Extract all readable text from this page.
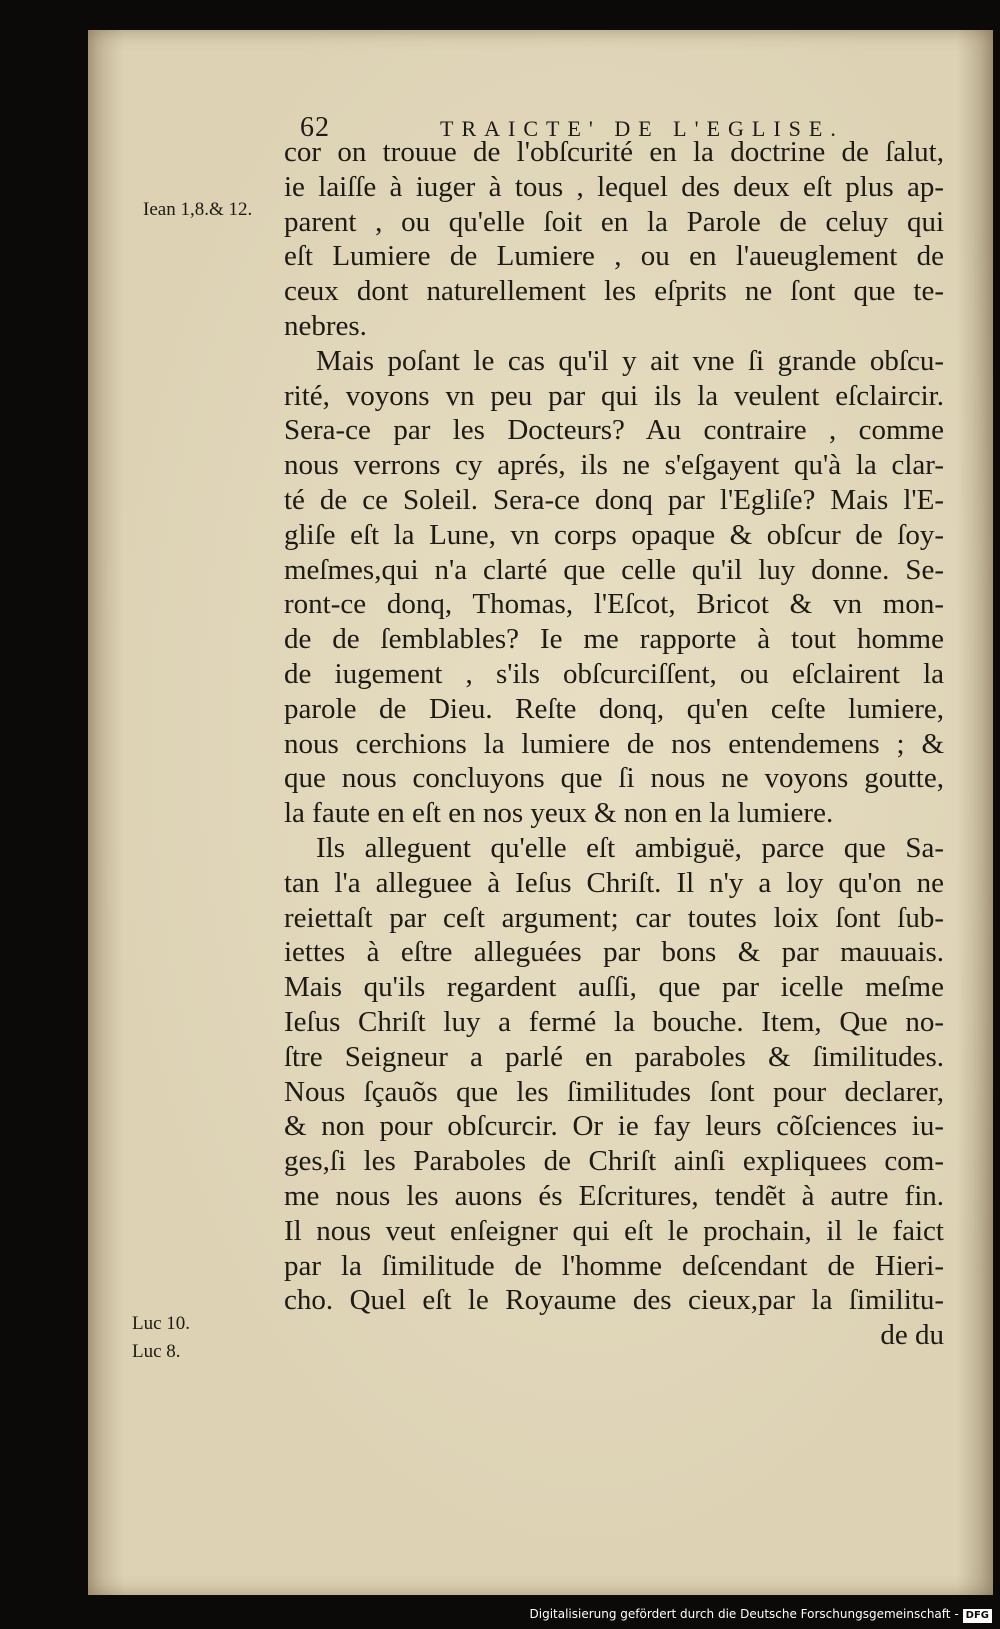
62	TRAICTE' DE L'EGLISE.
Iean 1,8.& 12.
Luc 10.
Luc 8.
cor on trouue de l'obſcurité en la doctrine de ſalut,
ie laiſſe à iuger à tous , lequel des deux eſt plus ap-
parent , ou qu'elle ſoit en la Parole de celuy qui
eſt Lumiere de Lumiere , ou en l'aueuglement de
ceux dont naturellement les eſprits ne ſont que te-
nebres.
Mais poſant le cas qu'il y ait vne ſi grande obſcu-
rité, voyons vn peu par qui ils la veulent eſclaircir.
Sera-ce par les Docteurs? Au contraire , comme
nous verrons cy aprés, ils ne s'eſgayent qu'à la clar-
té de ce Soleil. Sera-ce donq par l'Egliſe? Mais l'E-
gliſe eſt la Lune, vn corps opaque & obſcur de ſoy-
meſmes,qui n'a clarté que celle qu'il luy donne. Se-
ront-ce donq, Thomas, l'Eſcot, Bricot & vn mon-
de de ſemblables? Ie me rapporte à tout homme
de iugement , s'ils obſcurciſſent, ou eſclairent la
parole de Dieu. Reſte donq, qu'en ceſte lumiere,
nous cerchions la lumiere de nos entendemens ; &
que nous concluyons que ſi nous ne voyons goutte,
la faute en eſt en nos yeux & non en la lumiere.
Ils alleguent qu'elle eſt ambiguë, parce que Sa-
tan l'a alleguee à Ieſus Chriſt. Il n'y a loy qu'on ne
reiettaſt par ceſt argument; car toutes loix ſont ſub-
iettes à eſtre alleguées par bons & par mauuais.
Mais qu'ils regardent auſſi, que par icelle meſme
Ieſus Chriſt luy a fermé la bouche. Item, Que no-
ſtre Seigneur a parlé en paraboles & ſimilitudes.
Nous ſçauõs que les ſimilitudes ſont pour declarer,
& non pour obſcurcir. Or ie fay leurs cõſciences iu-
ges,ſi les Paraboles de Chriſt ainſi expliquees com-
me nous les auons és Eſcritures, tendẽt à autre fin.
Il nous veut enſeigner qui eſt le prochain, il le faict
par la ſimilitude de l'homme deſcendant de Hieri-
cho. Quel eſt le Royaume des cieux,par la ſimilitu-
de du
Digitalisierung gefördert durch die Deutsche Forschungsgemeinschaft - DFG
